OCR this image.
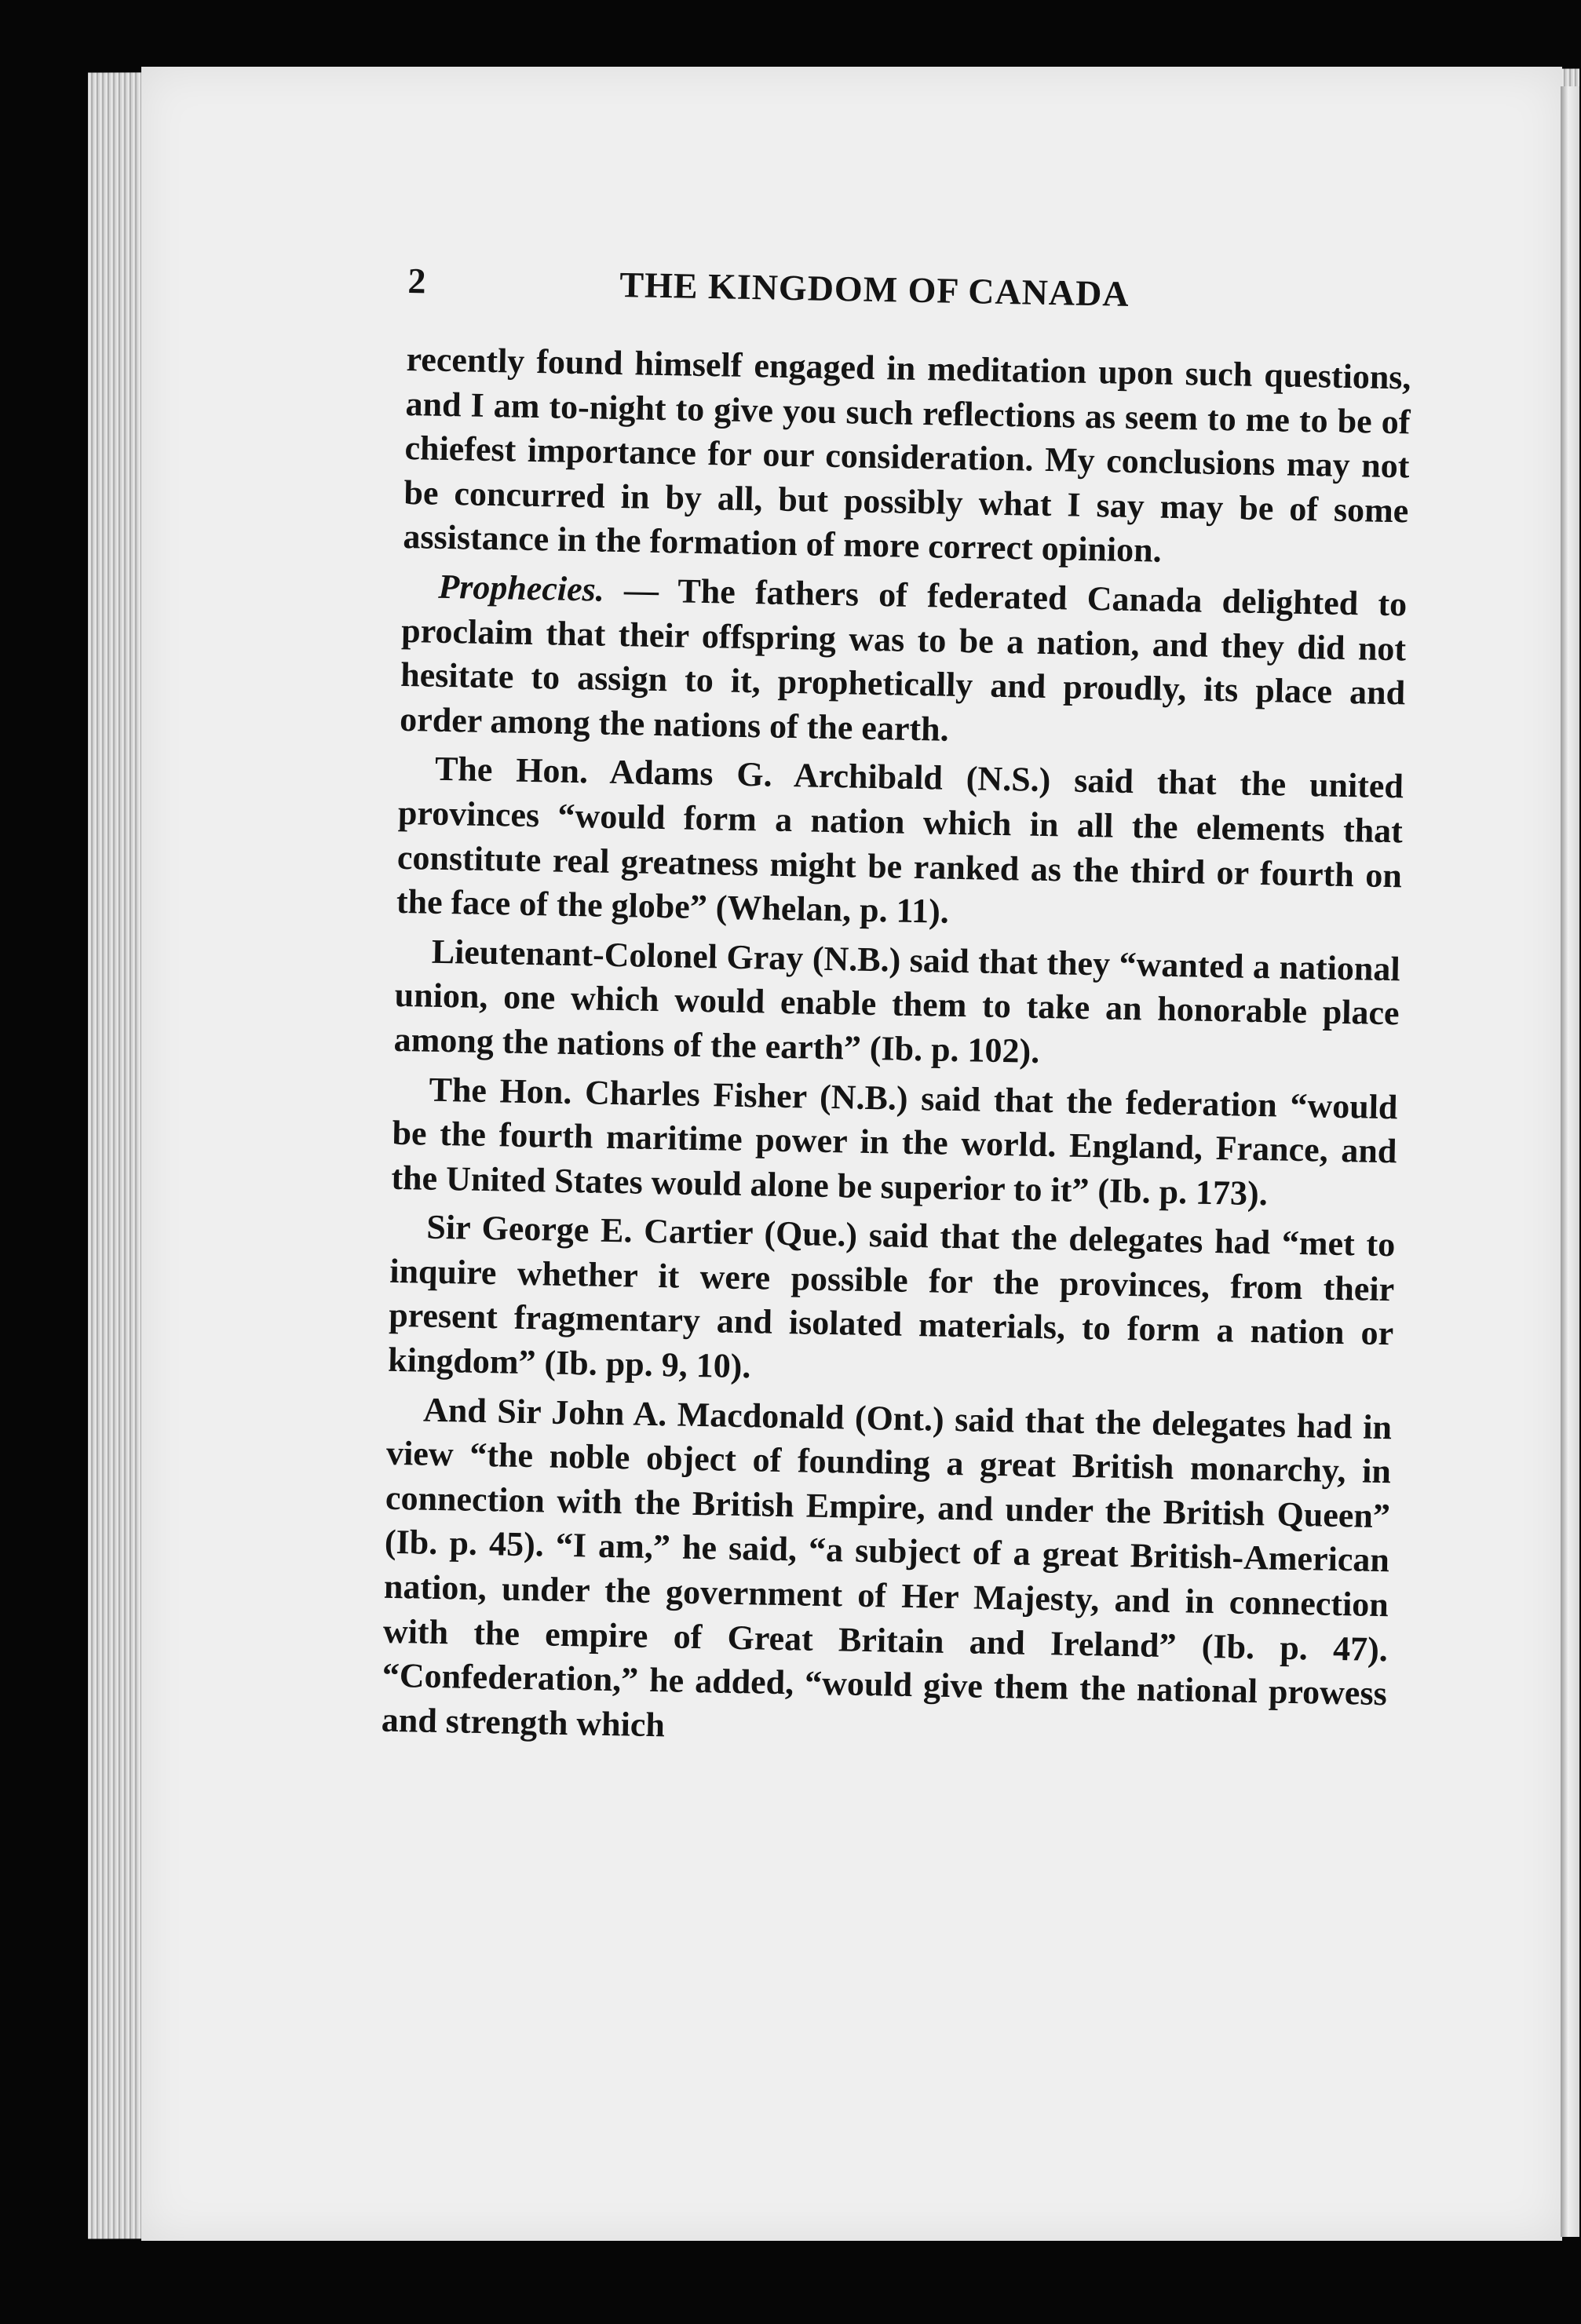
2	THE KINGDOM OF CANADA

recently found himself engaged in meditation upon such questions, and I am to-night to give you such reflections as seem to me to be of chiefest importance for our consideration. My conclusions may not be concurred in by all, but possibly what I say may be of some assistance in the formation of more correct opinion.

Prophecies. — The fathers of federated Canada delighted to proclaim that their offspring was to be a nation, and they did not hesitate to assign to it, prophetically and proudly, its place and order among the nations of the earth.

The Hon. Adams G. Archibald (N.S.) said that the united provinces “would form a nation which in all the elements that constitute real greatness might be ranked as the third or fourth on the face of the globe” (Whelan, p. 11).

Lieutenant-Colonel Gray (N.B.) said that they “wanted a national union, one which would enable them to take an honorable place among the nations of the earth” (Ib. p. 102).

The Hon. Charles Fisher (N.B.) said that the federation “would be the fourth maritime power in the world. England, France, and the United States would alone be superior to it” (Ib. p. 173).

Sir George E. Cartier (Que.) said that the delegates had “met to inquire whether it were possible for the provinces, from their present fragmentary and isolated materials, to form a nation or kingdom” (Ib. pp. 9, 10).

And Sir John A. Macdonald (Ont.) said that the delegates had in view “the noble object of founding a great British monarchy, in connection with the British Empire, and under the British Queen” (Ib. p. 45). “I am,” he said, “a subject of a great British-American nation, under the government of Her Majesty, and in connection with the empire of Great Britain and Ireland” (Ib. p. 47). “Confederation,” he added, “would give them the national prowess and strength which
